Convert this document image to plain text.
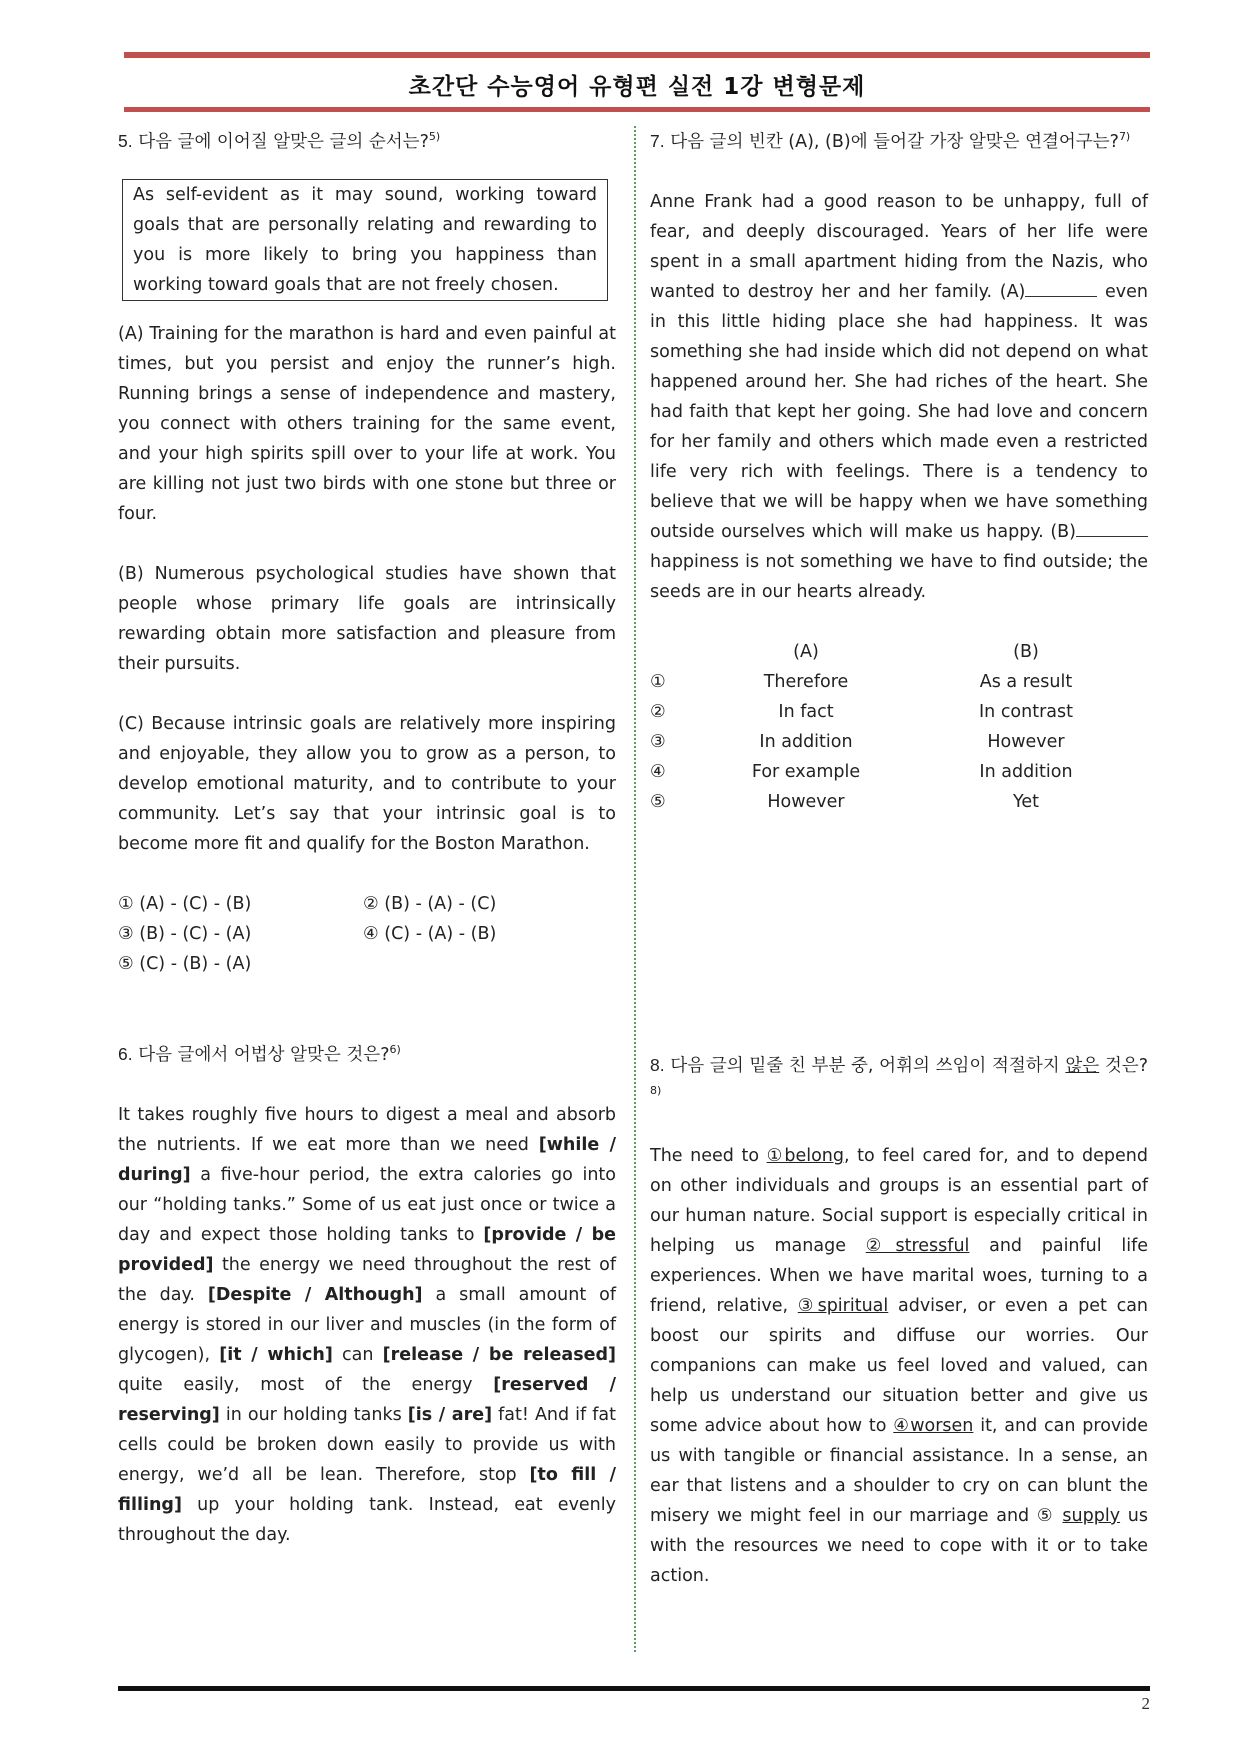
초간단 수능영어 유형편 실전 1강 변형문제

5. 다음 글에 이어질 알맞은 글의 순서는?$^{5)}$

As self-evident as it may sound, working toward goals that are personally relating and rewarding to you is more likely to bring you happiness than working toward goals that are not freely chosen.

(A) Training for the marathon is hard and even painful at times, but you persist and enjoy the runner’s high. Running brings a sense of independence and mastery, you connect with others training for the same event, and your high spirits spill over to your life at work. You are killing not just two birds with one stone but three or four.

(B) Numerous psychological studies have shown that people whose primary life goals are intrinsically rewarding obtain more satisfaction and pleasure from their pursuits.

(C) Because intrinsic goals are relatively more inspiring and enjoyable, they allow you to grow as a person, to develop emotional maturity, and to contribute to your community. Let’s say that your intrinsic goal is to become more fit and qualify for the Boston Marathon.

① (A) - (C) - (B)	② (B) - (A) - (C)
③ (B) - (C) - (A)	④ (C) - (A) - (B)
⑤ (C) - (B) - (A)

6. 다음 글에서 어법상 알맞은 것은?$^{6)}$

It takes roughly five hours to digest a meal and absorb the nutrients. If we eat more than we need [while / during] a five-hour period, the extra calories go into our “holding tanks.” Some of us eat just once or twice a day and expect those holding tanks to [provide / be provided] the energy we need throughout the rest of the day. [Despite / Although] a small amount of energy is stored in our liver and muscles (in the form of glycogen), [it / which] can [release / be released] quite easily, most of the energy [reserved / reserving] in our holding tanks [is / are] fat! And if fat cells could be broken down easily to provide us with energy, we’d all be lean. Therefore, stop [to fill / filling] up your holding tank. Instead, eat evenly throughout the day.

7. 다음 글의 빈칸 (A), (B)에 들어갈 가장 알맞은 연결어구는?$^{7)}$

Anne Frank had a good reason to be unhappy, full of fear, and deeply discouraged. Years of her life were spent in a small apartment hiding from the Nazis, who wanted to destroy her and her family. (A)	even in this little hiding place she had happiness. It was something she had inside which did not depend on what happened around her. She had riches of the heart. She had faith that kept her going. She had love and concern for her family and others which made even a restricted life very rich with feelings. There is a tendency to believe that we will be happy when we have something outside ourselves which will make us happy. (B) happiness is not something we have to find outside; the seeds are in our hearts already.

(A)	(B)
①	Therefore	As a result
②	In fact	In contrast
③	In addition	However
④	For example	In addition
⑤	However	Yet

8. 다음 글의 밑줄 친 부분 중, 어휘의 쓰임이 적절하지 않은 것은?$^{8)}$

The need to ①belong, to feel cared for, and to depend on other individuals and groups is an essential part of our human nature. Social support is especially critical in helping us manage ②stressful and painful life experiences. When we have marital woes, turning to a friend, relative, ③spiritual adviser, or even a pet can boost our spirits and diffuse our worries. Our companions can make us feel loved and valued, can help us understand our situation better and give us some advice about how to ④worsen it, and can provide us with tangible or financial assistance. In a sense, an ear that listens and a shoulder to cry on can blunt the misery we might feel in our marriage and ⑤ supply us with the resources we need to cope with it or to take action.

2
